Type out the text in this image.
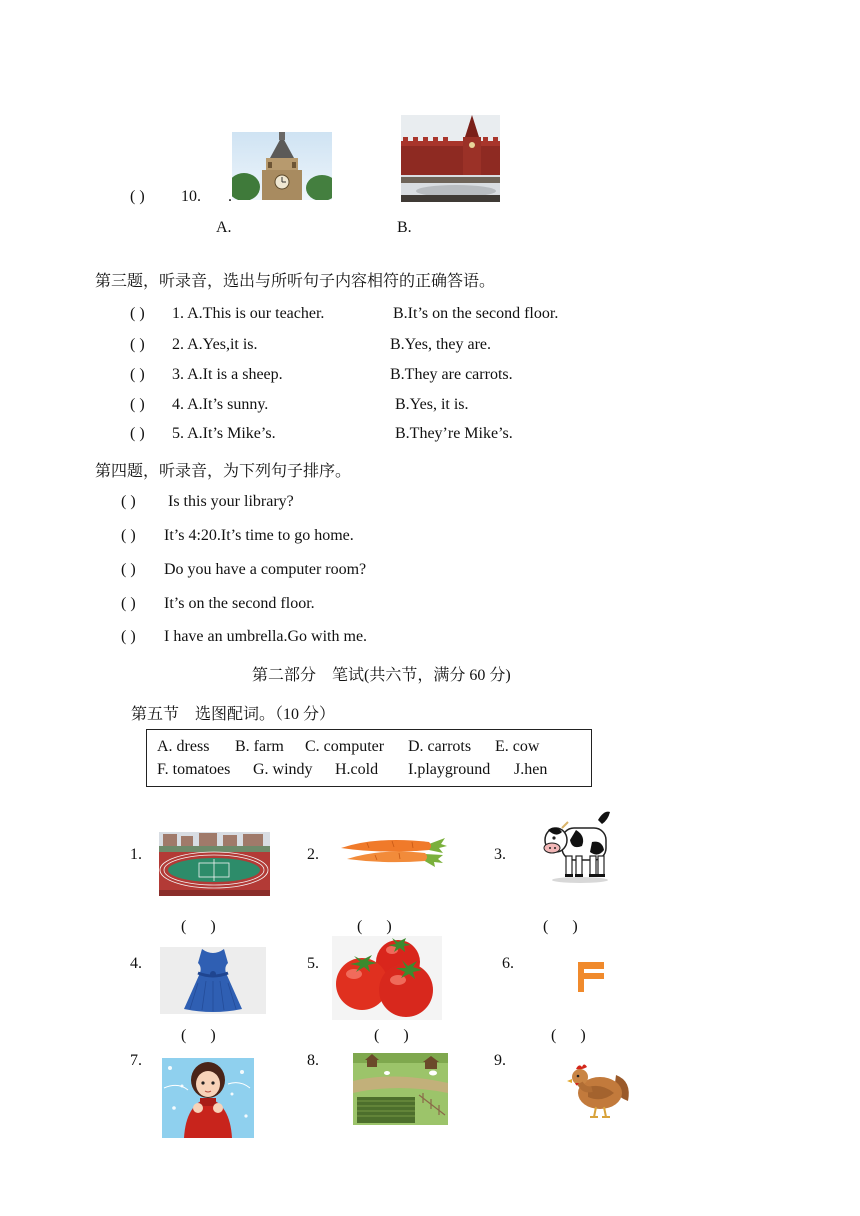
( ) 10. .
A.	B.
第三题，听录音，选出与所听句子内容相符的正确答语。
( ) 1. A.This is our teacher.	B.It’s on the second floor.
( ) 2. A.Yes,it is.	B.Yes, they are.
( ) 3. A.It is a sheep.	B.They are carrots.
( ) 4. A.It’s sunny.	B.Yes, it is.
( ) 5. A.It’s Mike’s.	B.They’re Mike’s.
第四题，听录音，为下列句子排序。
( ) Is this your library?
( ) It’s 4:20.It’s time to go home.
( ) Do you have a computer room?
( ) It’s on the second floor.
( ) I have an umbrella.Go with me.
第二部分    笔试(共六节，满分 60 分)
第五节    选图配词。（10 分）
A. dress B. farm C. computer D. carrots E. cow
F. tomatoes G. windy H.cold I.playground J.hen
1.	2.	3.
(      )	(      )	(      )
4.	5.	6.
(      )	(      )	(      )
7.	8.	9.
